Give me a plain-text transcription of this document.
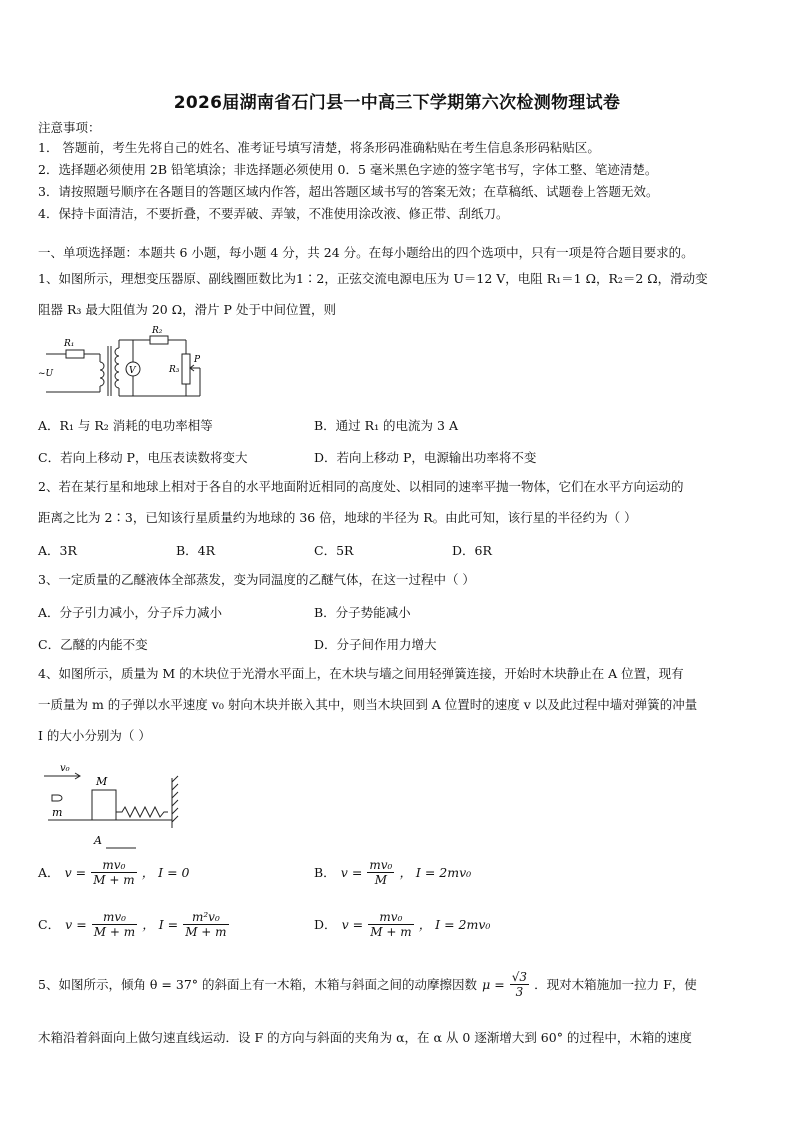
2026届湖南省石门县一中高三下学期第六次检测物理试卷
注意事项：
1． 答题前，考生先将自己的姓名、准考证号填写清楚，将条形码准确粘贴在考生信息条形码粘贴区。
2．选择题必须使用 2B 铅笔填涂；非选择题必须使用 0．5 毫米黑色字迹的签字笔书写，字体工整、笔迹清楚。
3．请按照题号顺序在各题目的答题区域内作答，超出答题区域书写的答案无效；在草稿纸、试题卷上答题无效。
4．保持卡面清洁，不要折叠，不要弄破、弄皱，不准使用涂改液、修正带、刮纸刀。
一、单项选择题：本题共 6 小题，每小题 4 分，共 24 分。在每小题给出的四个选项中，只有一项是符合题目要求的。
1、如图所示，理想变压器原、副线圈匝数比为1∶2，正弦交流电源电压为 U＝12 V，电阻 R₁＝1 Ω，R₂＝2 Ω，滑动变
阻器 R₃ 最大阻值为 20 Ω，滑片 P 处于中间位置，则
R₁
R₂
R₃
P
~U	V
A．R₁ 与 R₂ 消耗的电功率相等	B．通过 R₁ 的电流为 3 A
C．若向上移动 P，电压表读数将变大	D．若向上移动 P，电源输出功率将不变
2、若在某行星和地球上相对于各自的水平地面附近相同的高度处、以相同的速率平抛一物体，它们在水平方向运动的
距离之比为 2∶3，已知该行星质量约为地球的 36 倍，地球的半径为 R。由此可知，该行星的半径约为（ ）
A．3R	B．4R	C．5R	D．6R
3、一定质量的乙醚液体全部蒸发，变为同温度的乙醚气体，在这一过程中（ ）
A．分子引力减小，分子斥力减小	B．分子势能减小
C．乙醚的内能不变	D．分子间作用力增大
4、如图所示，质量为 M 的木块位于光滑水平面上，在木块与墙之间用轻弹簧连接，开始时木块静止在 A 位置，现有
一质量为 m 的子弹以水平速度 v₀ 射向木块并嵌入其中，则当木块回到 A 位置时的速度 v 以及此过程中墙对弹簧的冲量
I 的大小分别为（ ）
v₀
M
m
A
A． $v = \frac{\text{mv₀}}{M + m}$ ， I = 0	B． $v = \frac{\text{mv₀}}{M}$ ， I = 2mv₀
C． $v = \frac{\text{mv₀}}{M + m}$ ， $I = \frac{\text{m²v₀}}{M + m}$	D． $v = \frac{\text{mv₀}}{M + m}$ ， I = 2mv₀
5、如图所示，倾角 θ = 37° 的斜面上有一木箱，木箱与斜面之间的动摩擦因数 $\mu = \frac{√3}{3}$ ．现对木箱施加一拉力 F，使
木箱沿着斜面向上做匀速直线运动．设 F 的方向与斜面的夹角为 α，在 α 从 0 逐渐增大到 60° 的过程中，木箱的速度
